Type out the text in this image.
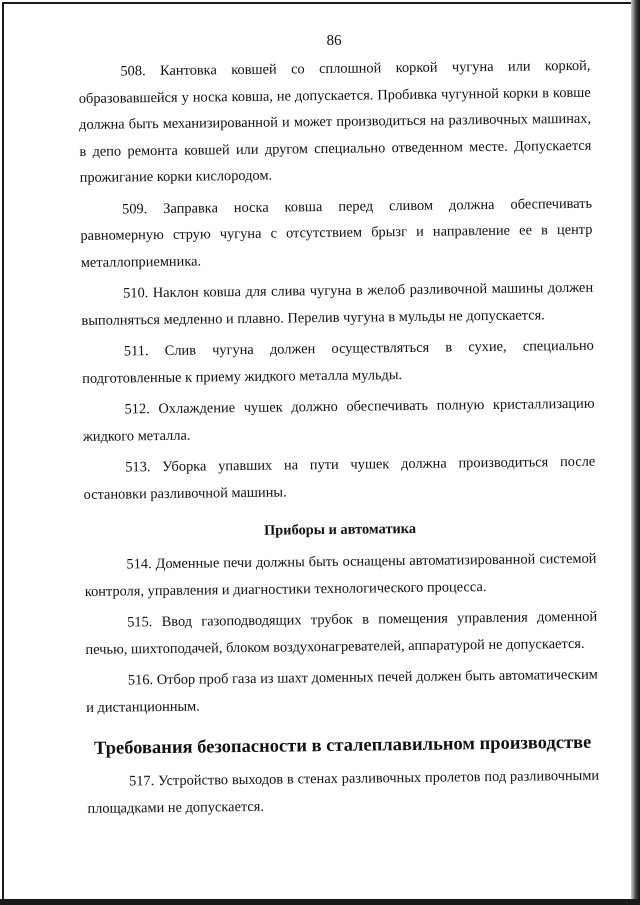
86

508. Кантовка ковшей со сплошной коркой чугуна или коркой, образовавшейся у носка ковша, не допускается. Пробивка чугунной корки в ковше должна быть механизированной и может производиться на разливочных машинах, в депо ремонта ковшей или другом специально отведенном месте. Допускается прожигание корки кислородом.

509. Заправка носка ковша перед сливом должна обеспечивать равномерную струю чугуна с отсутствием брызг и направление ее в центр металлоприемника.

510. Наклон ковша для слива чугуна в желоб разливочной машины должен выполняться медленно и плавно. Перелив чугуна в мульды не допускается.

511. Слив чугуна должен осуществляться в сухие, специально подготовленные к приему жидкого металла мульды.

512. Охлаждение чушек должно обеспечивать полную кристаллизацию жидкого металла.

513. Уборка упавших на пути чушек должна производиться после остановки разливочной машины.

Приборы и автоматика

514. Доменные печи должны быть оснащены автоматизированной системой контроля, управления и диагностики технологического процесса.

515. Ввод газоподводящих трубок в помещения управления доменной печью, шихтоподачей, блоком воздухонагревателей, аппаратурой не допускается.

516. Отбор проб газа из шахт доменных печей должен быть автоматическим и дистанционным.

Требования безопасности в сталеплавильном производстве

517. Устройство выходов в стенах разливочных пролетов под разливочными площадками не допускается.
